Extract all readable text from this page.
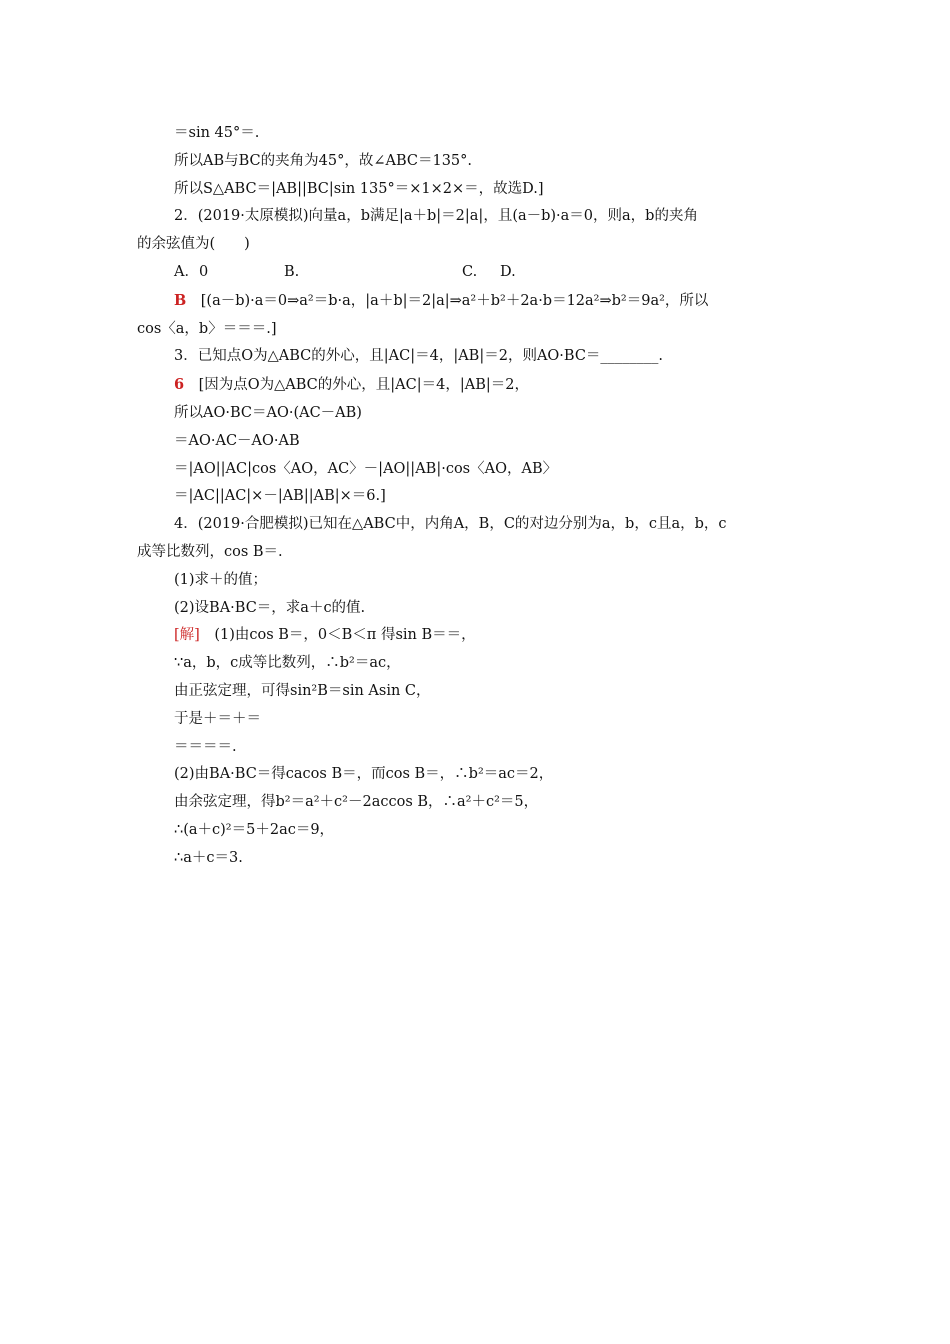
＝sin 45°＝.

所以AB与BC的夹角为45°，故∠ABC＝135°.

所以S△ABC＝|AB||BC|sin 135°＝×1×2×＝，故选D.]

2．(2019·太原模拟)向量a，b满足|a＋b|＝2|a|，且(a－b)·a＝0，则a，b的夹角

的余弦值为(　　)

A．0	B.	C. D.

B　 [(a－b)·a＝0⇒a²＝b·a，|a＋b|＝2|a|⇒a²＋b²＋2a·b＝12a²⇒b²＝9a²，所以

cos〈a，b〉＝＝＝.]

3．已知点O为△ABC的外心，且|AC|＝4，|AB|＝2，则AO·BC＝________.

6　 [因为点O为△ABC的外心，且|AC|＝4，|AB|＝2，

所以AO·BC＝AO·(AC－AB)

＝AO·AC－AO·AB

＝|AO||AC|cos〈AO，AC〉－|AO||AB|·cos〈AO，AB〉

＝|AC||AC|×－|AB||AB|×＝6.]

4．(2019·合肥模拟)已知在△ABC中，内角A，B，C的对边分别为a，b，c且a，b，c

成等比数列，cos B＝.

(1)求＋的值；

(2)设BA·BC＝，求a＋c的值.

[解]　 (1)由cos B＝，0＜B＜π 得sin B＝＝，

∵a，b，c成等比数列，∴b²＝ac，

由正弦定理，可得sin²B＝sin Asin C，

于是＋＝＋＝

＝＝＝＝.

(2)由BA·BC＝得cacos B＝，而cos B＝，∴b²＝ac＝2，

由余弦定理，得b²＝a²＋c²－2accos B，∴a²＋c²＝5，

∴(a＋c)²＝5＋2ac＝9，

∴a＋c＝3.
